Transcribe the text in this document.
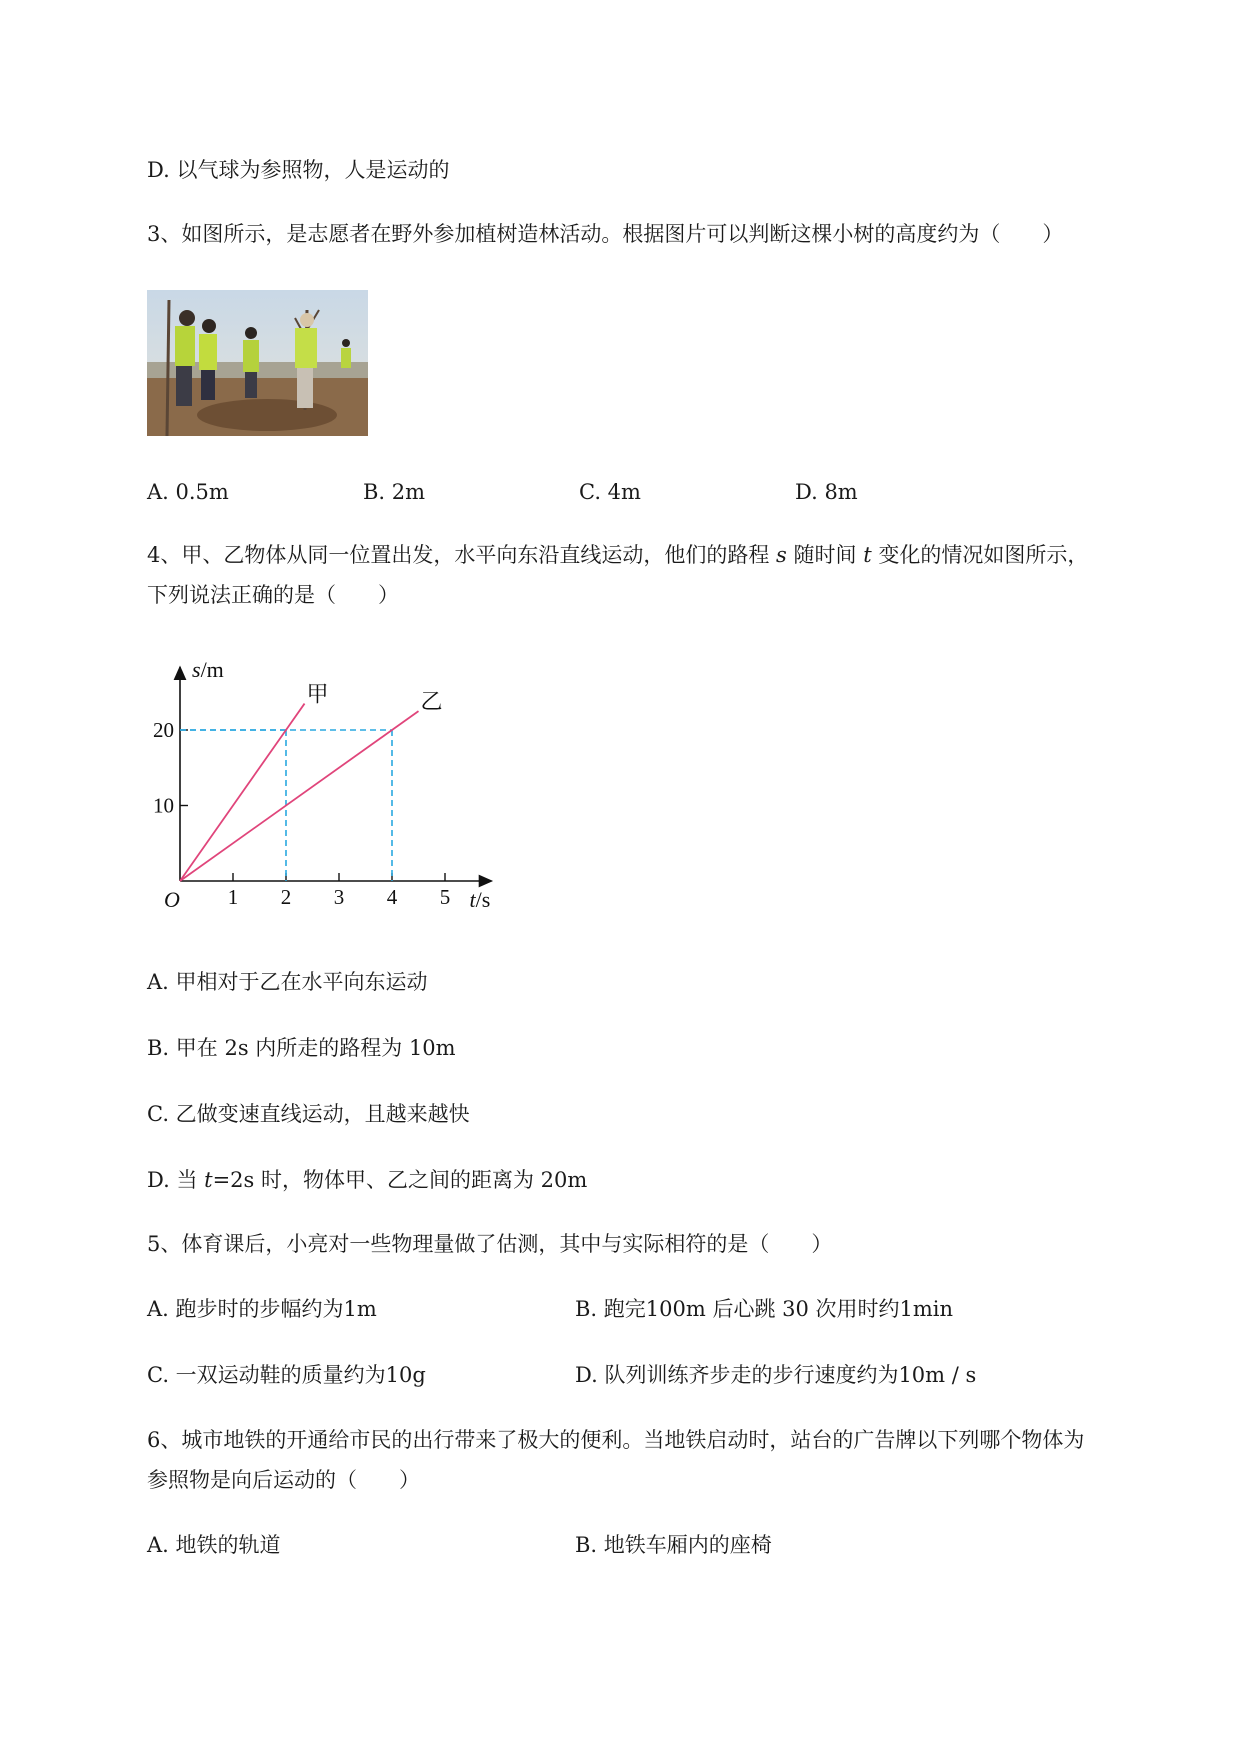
D. 以气球为参照物，人是运动的
3、如图所示，是志愿者在野外参加植树造林活动。根据图片可以判断这棵小树的高度约为（　　）
A. 0.5m	B. 2m	C. 4m	D. 8m
4、甲、乙物体从同一位置出发，水平向东沿直线运动，他们的路程 s 随时间 t 变化的情况如图所示，
下列说法正确的是（　　）
1 2 3 4 5
10
20
甲	乙
O
s/m
t/s
A. 甲相对于乙在水平向东运动
B. 甲在 2s 内所走的路程为 10m
C. 乙做变速直线运动，且越来越快
D. 当 t=2s 时，物体甲、乙之间的距离为 20m
5、体育课后，小亮对一些物理量做了估测，其中与实际相符的是（　　）
A. 跑步时的步幅约为1m	B. 跑完100m 后心跳 30 次用时约1min
C. 一双运动鞋的质量约为10g	D. 队列训练齐步走的步行速度约为10m / s
6、城市地铁的开通给市民的出行带来了极大的便利。当地铁启动时，站台的广告牌以下列哪个物体为
参照物是向后运动的（　　）
A. 地铁的轨道	B. 地铁车厢内的座椅
